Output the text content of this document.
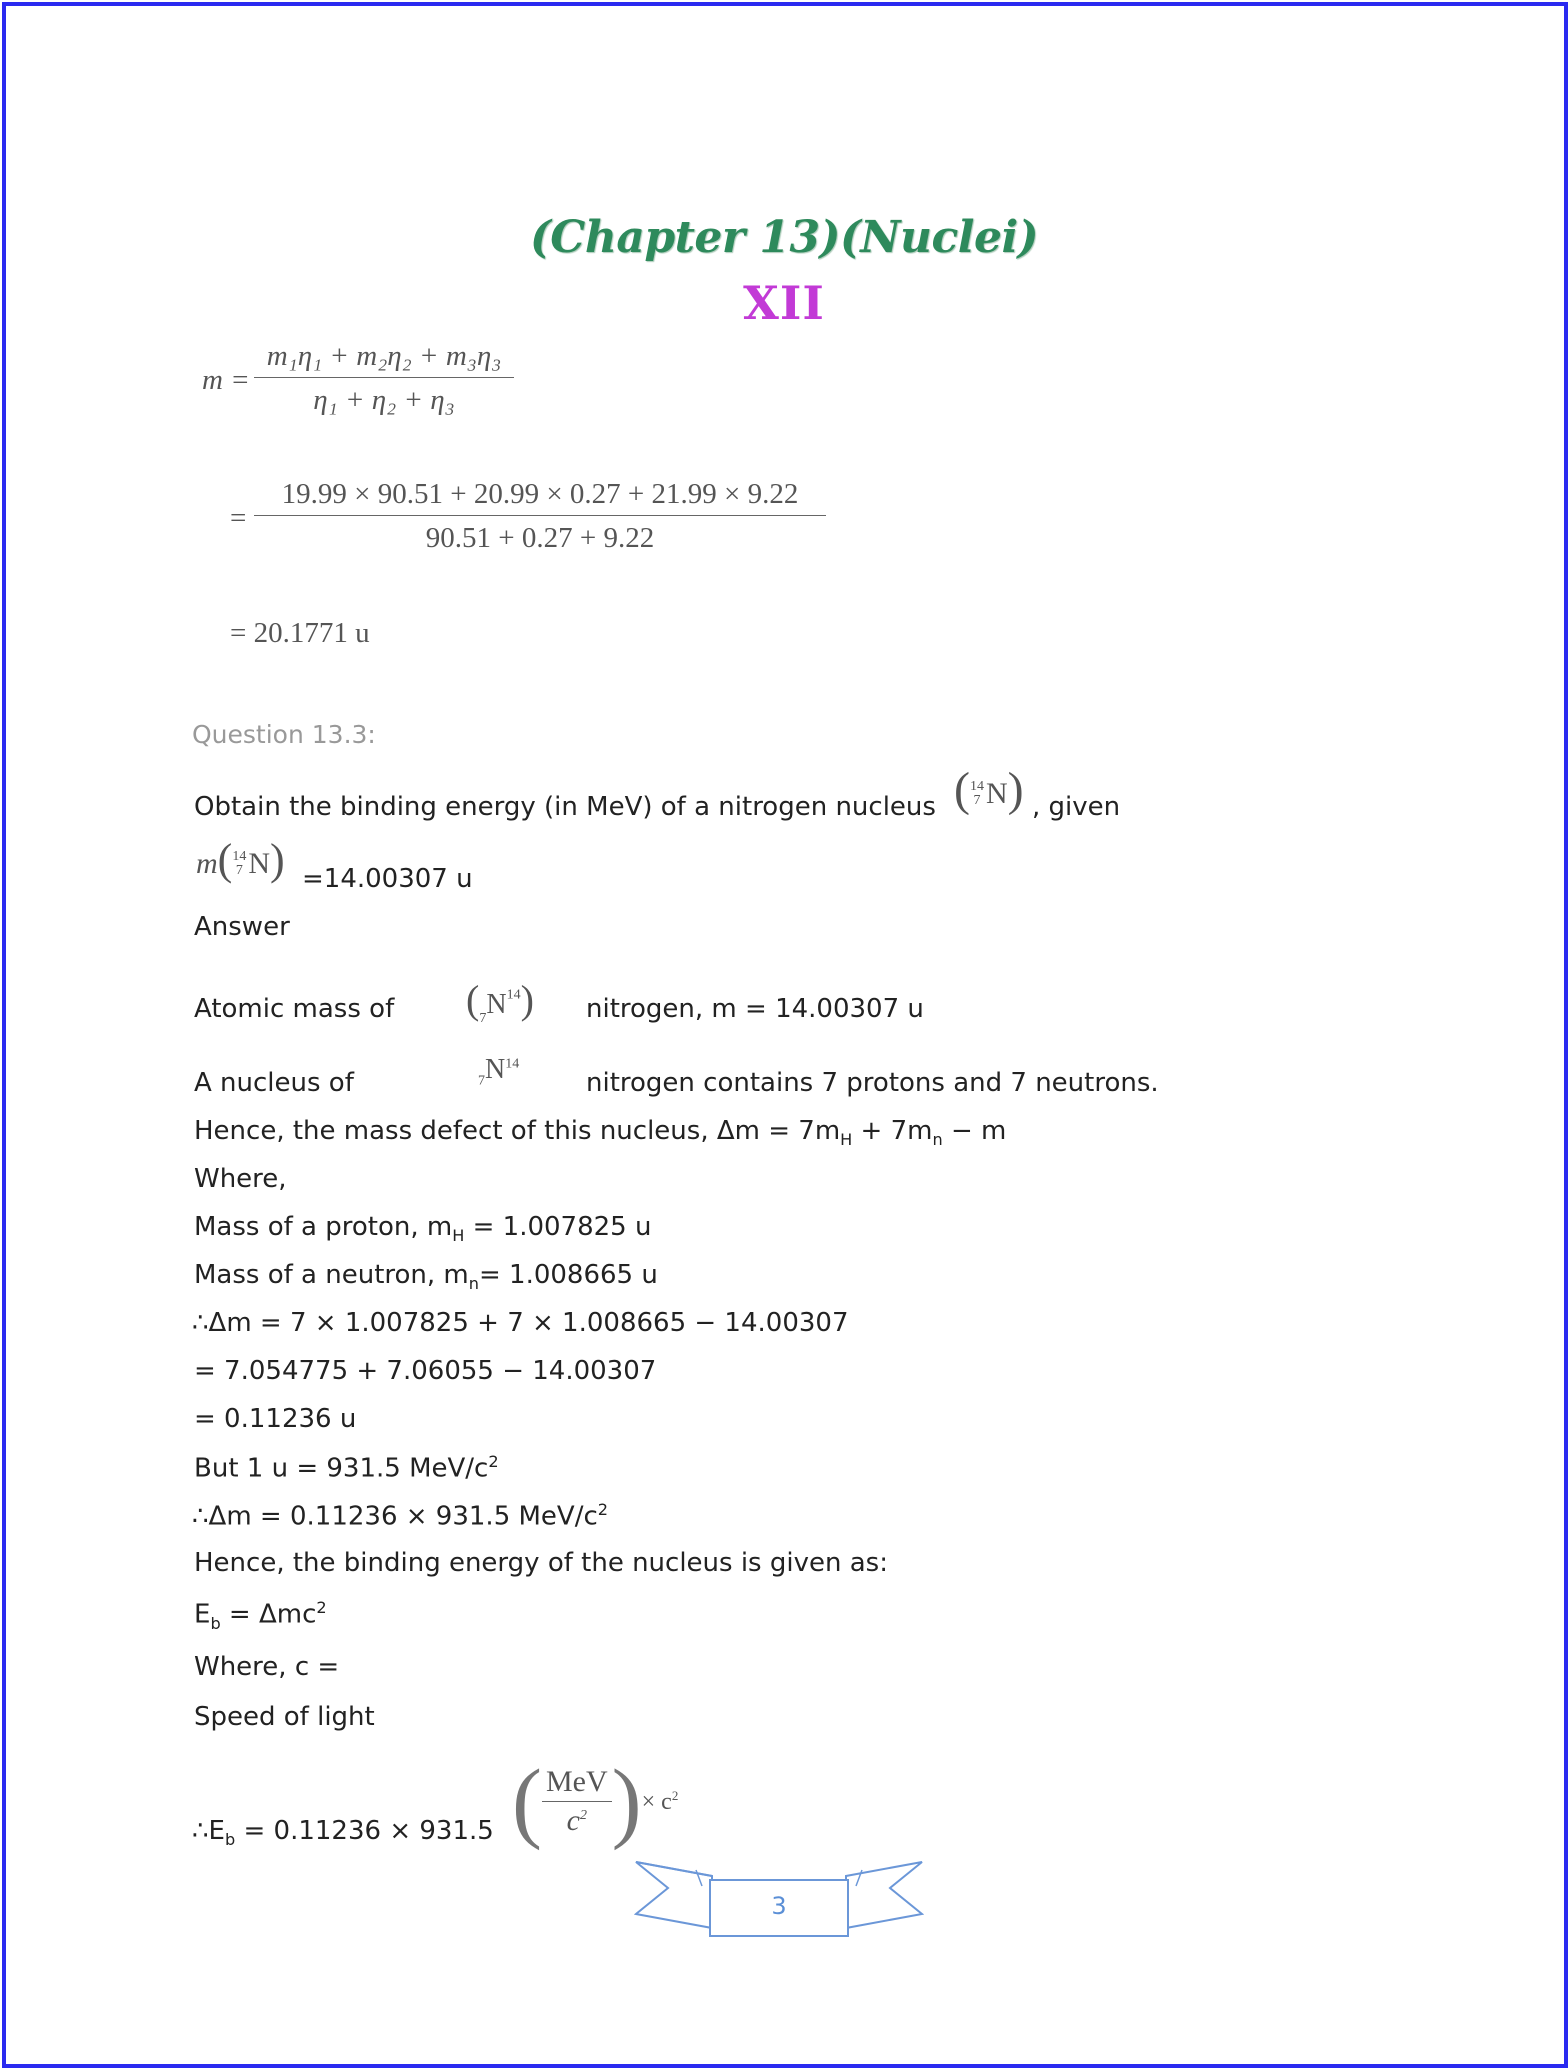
(Chapter 13)(Nuclei)
XII
$m = \frac{\text{m₁η₁ + m₂η₂ + m₃η₃}}{\text{η₁ + η₂ + η₃}}$
= $\frac{19.99 \times 90.51 + 20.99 \times 0.27 + 21.99 \times 9.22}{90.51 + 0.27 + 9.22}$
= 20.1771 u
Question 13.3:
Obtain the binding energy (in MeV) of a nitrogen nucleus ( 14
7 N) , given
m( 14
7 N) =14.00307 u
Answer
Atomic mass of $(_7N^{14})$ nitrogen, m = 14.00307 u
$_7N^{14}$
A nucleus of	nitrogen contains 7 protons and 7 neutrons.
Hence, the mass defect of this nucleus, $\Delta m = 7m_H + 7m_n - m$
Where,
Mass of a proton, $m_H = 1.007825$ u
Mass of a neutron, $m_n= 1.008665$ u
∴Δm = 7 × 1.007825 + 7 × 1.008665 − 14.00307
= 7.054775 + 7.06055 − 14.00307
= 0.11236 u
But 1 u = 931.5 MeV/$c^2$
∴Δm = 0.11236 × 931.5 MeV/$c^2$
Hence, the binding energy of the nucleus is given as:
$E_b = \Delta mc^2$
Where, c =
Speed of light
$\therefore E_b = 0.11236 \times 931.5$ ( MeV
$c^2$ )× $c^2$
3
